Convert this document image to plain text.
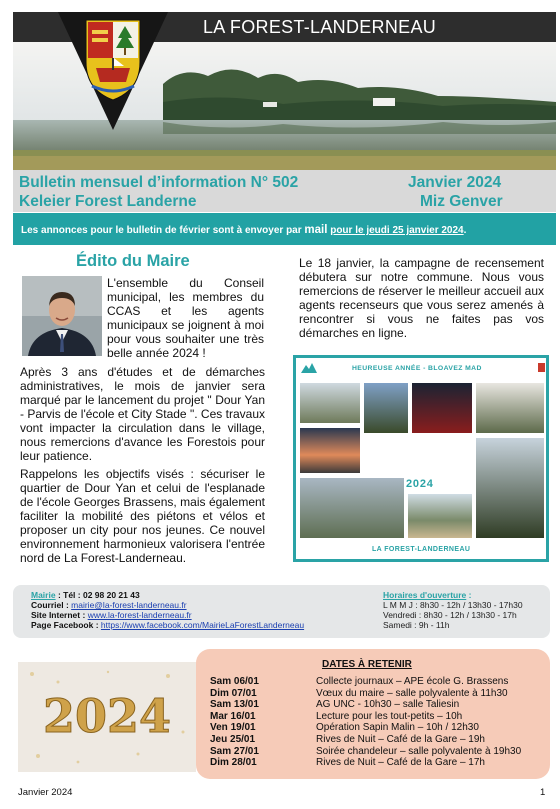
LA FOREST-LANDERNEAU
Bulletin mensuel d’information N° 502
Keleier Forest Landerne
Janvier 2024
Miz Genver
Les annonces pour le bulletin de février sont à envoyer par mail pour le jeudi 25 janvier 2024.
Édito du Maire
L'ensemble du Conseil municipal, les membres du CCAS et les agents municipaux se joignent à moi pour vous souhaiter une très belle année 2024 !
Après 3 ans d'études et de démarches administratives, le mois de janvier sera marqué par le lancement du projet " Dour Yan - Parvis de l'école et City Stade ". Ces travaux vont impacter la circulation dans le village, nous remercions d'avance les Forestois pour leur patience.
Rappelons les objectifs visés : sécuriser le quartier de Dour Yan et celui de l'esplanade de l'école Georges Brassens, mais également faciliter la mobilité des piétons et vélos et proposer un city pour nos jeunes. Ce nouvel environnement harmonieux valorisera l'entrée nord de La Forest-Landerneau.
Le 18 janvier, la campagne de recensement débutera sur notre commune. Nous vous remercions de réserver le meilleur accueil aux agents recenseurs que vous serez amenés à rencontrer si vous ne faites pas vos démarches en ligne.
HEUREUSE ANNÉE - BLOAVEZ MAD
2024
LA FOREST-LANDERNEAU
Mairie : Tél : 02 98 20 21 43
Courriel : mairie@la-forest-landerneau.fr
Site Internet : www.la-forest-landerneau.fr
Page Facebook : https://www.facebook.com/MairieLaForestLanderneau
Horaires d'ouverture :
L M M J : 8h30 - 12h / 13h30 - 17h30
Vendredi : 8h30 - 12h / 13h30 - 17h
Samedi : 9h - 11h
2024
DATES À RETENIR
Sam 06/01	Collecte journaux – APE école G. Brassens
Dim 07/01	Vœux du maire – salle polyvalente à 11h30
Sam 13/01	AG UNC - 10h30 – salle Taliesin
Mar 16/01	Lecture pour les tout-petits – 10h
Ven 19/01	Opération Sapin Malin – 10h / 12h30
Jeu 25/01	Rives de Nuit – Café de la Gare – 19h
Sam 27/01	Soirée chandeleur – salle polyvalente à 19h30
Dim 28/01	Rives de Nuit – Café de la Gare – 17h
Janvier 2024	1
